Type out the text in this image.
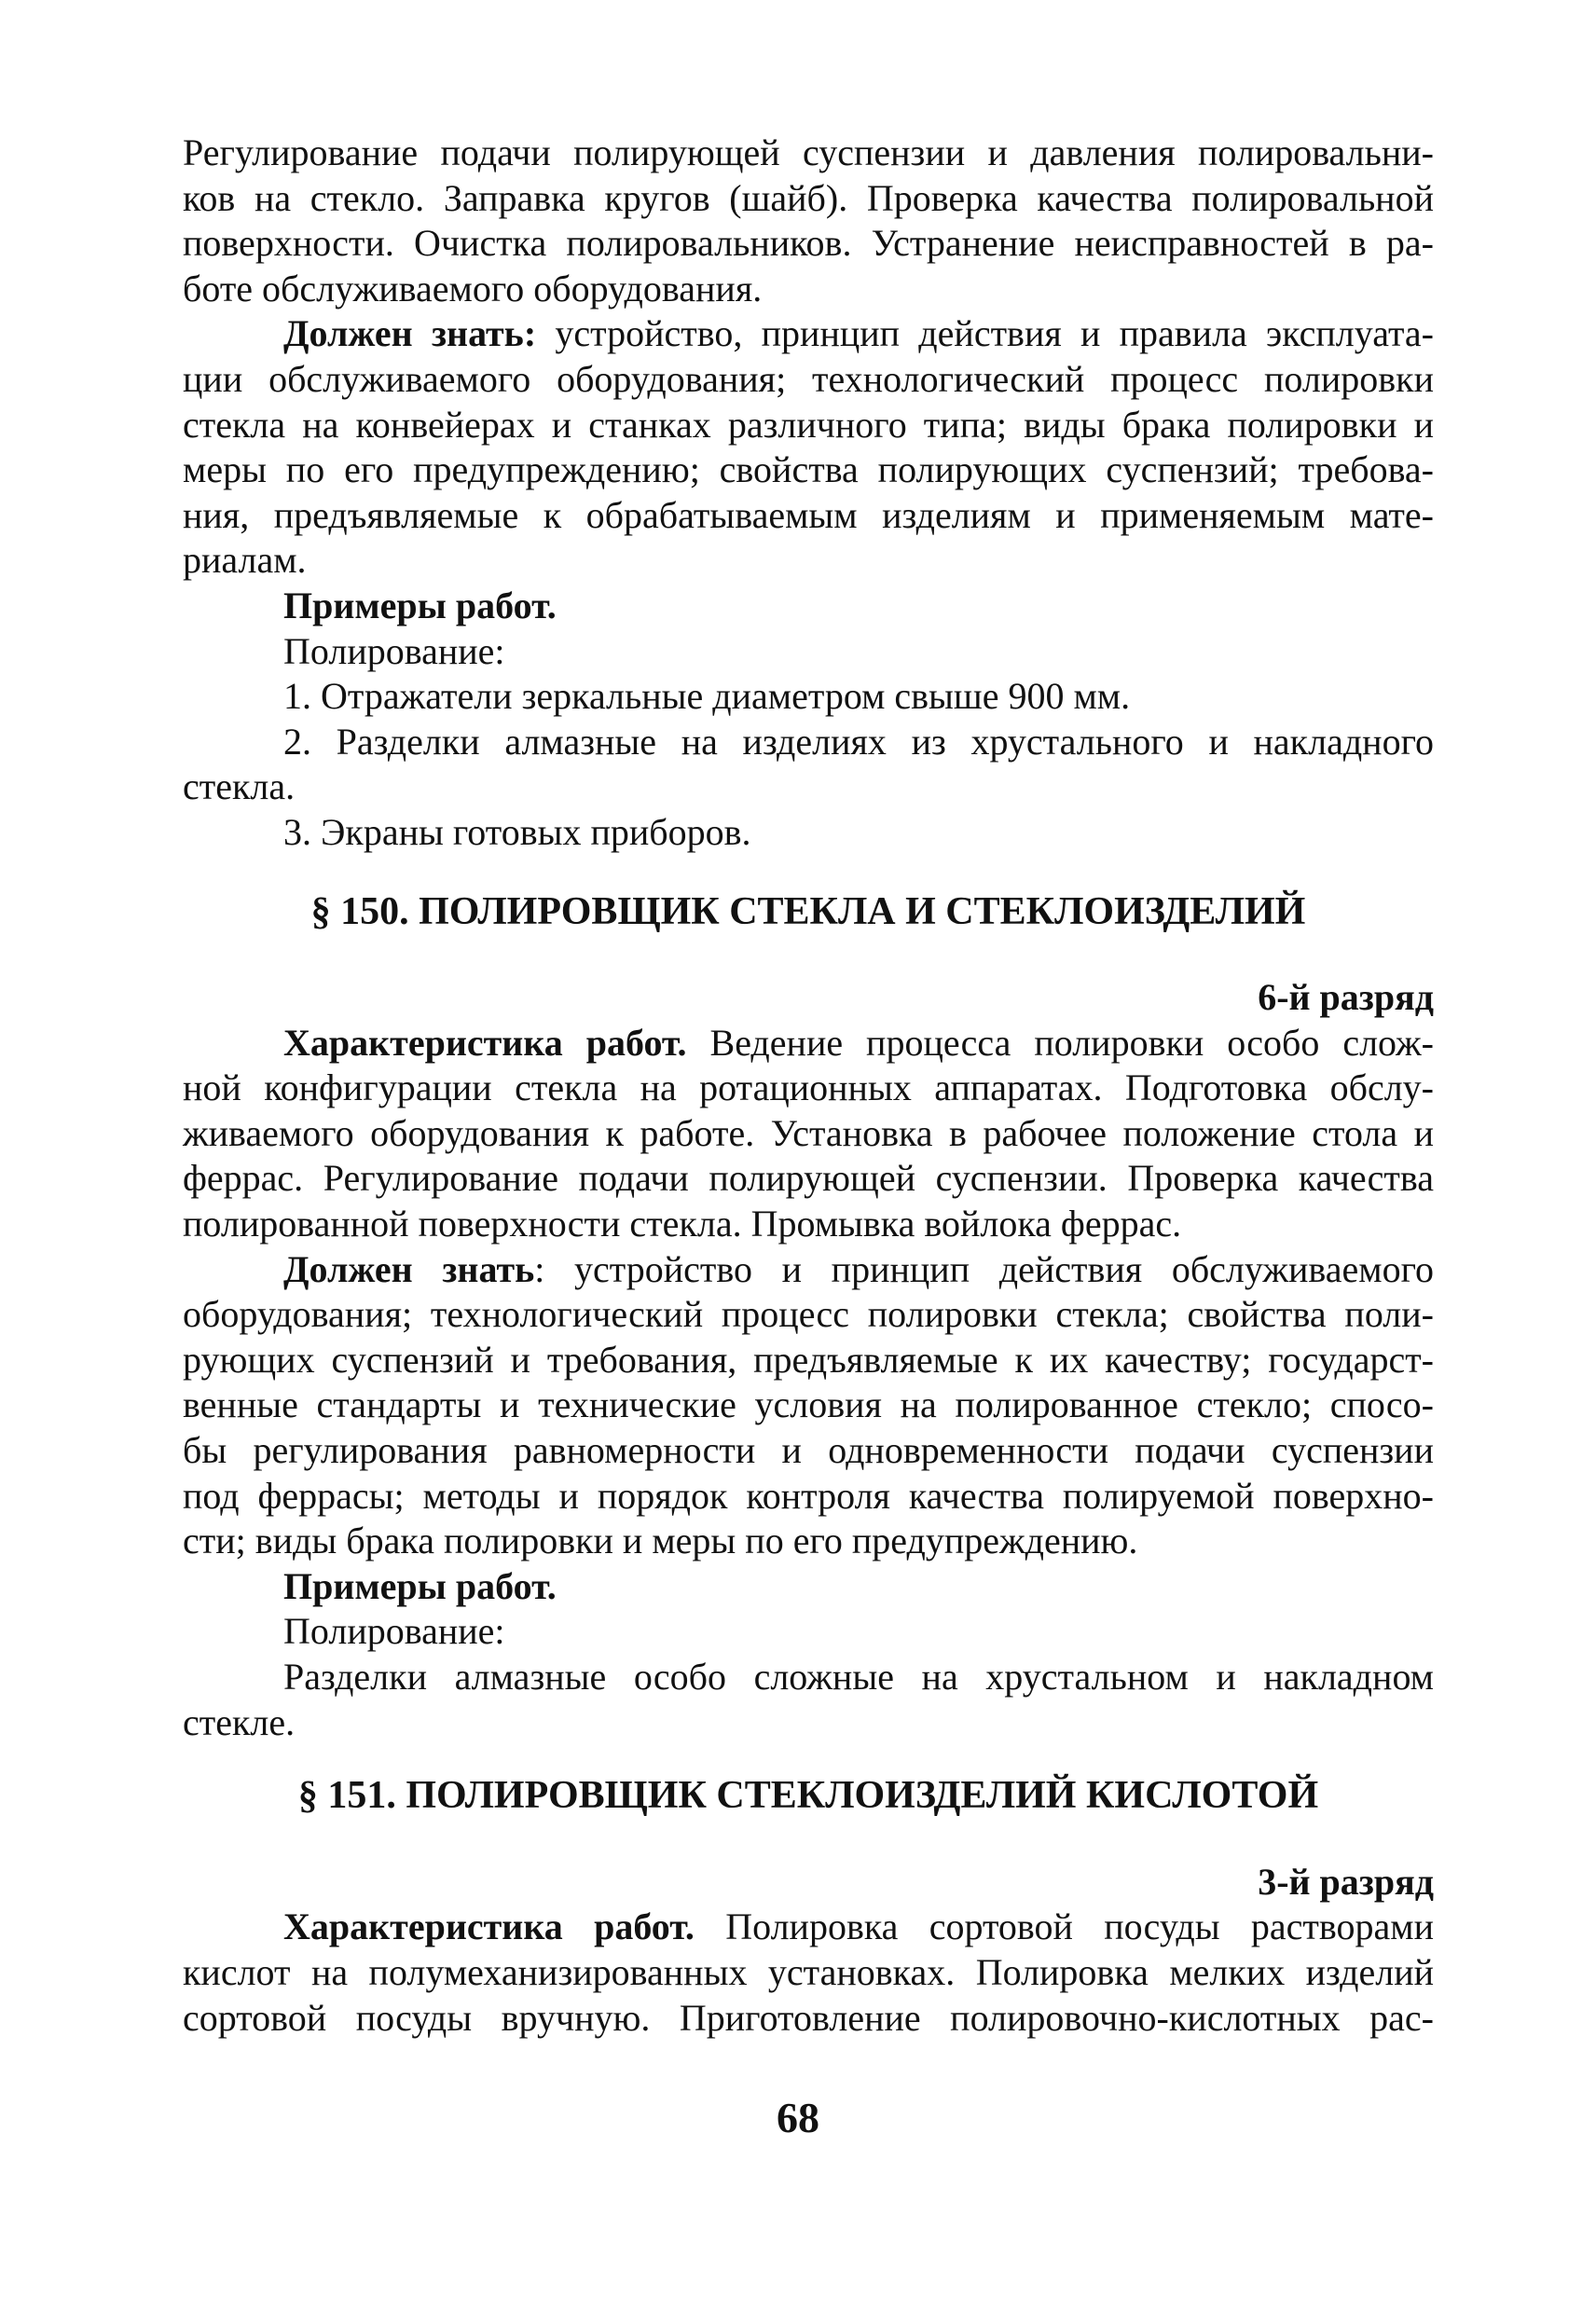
Регулирование подачи полирующей суспензии и давления полировальни-
ков на стекло. Заправка кругов (шайб). Проверка качества полировальной
поверхности. Очистка полировальников. Устранение неисправностей в ра-
боте обслуживаемого оборудования.
Должен знать: устройство, принцип действия и правила эксплуата-
ции обслуживаемого оборудования; технологический процесс полировки
стекла на конвейерах и станках различного типа; виды брака полировки и
меры по его предупреждению; свойства полирующих суспензий; требова-
ния, предъявляемые к обрабатываемым изделиям и применяемым мате-
риалам.
Примеры работ.
Полирование:
1. Отражатели зеркальные диаметром свыше 900 мм.
2. Разделки алмазные на изделиях из хрустального и накладного
стекла.
3. Экраны готовых приборов.
§ 150. ПОЛИРОВЩИК СТЕКЛА И СТЕКЛОИЗДЕЛИЙ
6-й разряд
Характеристика работ. Ведение процесса полировки особо слож-
ной конфигурации стекла на ротационных аппаратах. Подготовка обслу-
живаемого оборудования к работе. Установка в рабочее положение стола и
феррас. Регулирование подачи полирующей суспензии. Проверка качества
полированной поверхности стекла. Промывка войлока феррас.
Должен знать: устройство и принцип действия обслуживаемого
оборудования; технологический процесс полировки стекла; свойства поли-
рующих суспензий и требования, предъявляемые к их качеству; государст-
венные стандарты и технические условия на полированное стекло; спосо-
бы регулирования равномерности и одновременности подачи суспензии
под феррасы; методы и порядок контроля качества полируемой поверхно-
сти; виды брака полировки и меры по его предупреждению.
Примеры работ.
Полирование:
Разделки алмазные особо сложные на хрустальном и накладном
стекле.
§ 151. ПОЛИРОВЩИК СТЕКЛОИЗДЕЛИЙ КИСЛОТОЙ
3-й разряд
Характеристика работ. Полировка сортовой посуды растворами
кислот на полумеханизированных установках. Полировка мелких изделий
сортовой посуды вручную. Приготовление полировочно-кислотных рас-
68
